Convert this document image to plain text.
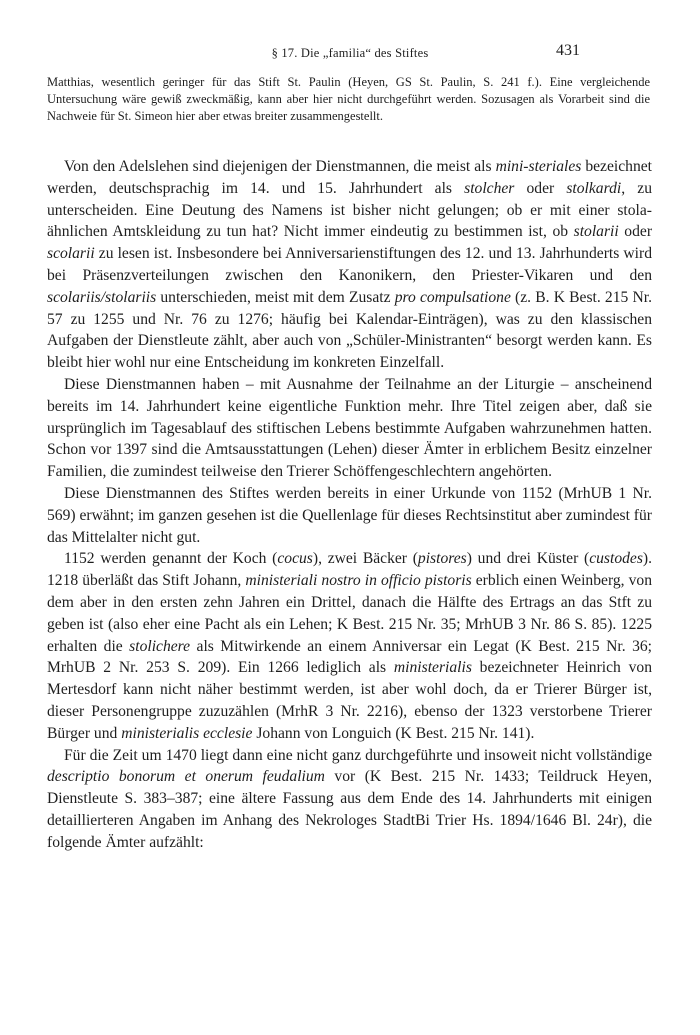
§ 17. Die „familia“ des Stiftes	431
Matthias, wesentlich geringer für das Stift St. Paulin (Heyen, GS St. Paulin, S. 241 f.). Eine vergleichende Untersuchung wäre gewiß zweckmäßig, kann aber hier nicht durchgeführt werden. Sozusagen als Vorarbeit sind die Nachweie für St. Simeon hier aber etwas breiter zusammengestellt.

Von den Adelslehen sind diejenigen der Dienstmannen, die meist als mini-steriales bezeichnet werden, deutschsprachig im 14. und 15. Jahrhundert als stolcher oder stolkardi, zu unterscheiden. Eine Deutung des Namens ist bisher nicht gelungen; ob er mit einer stola-ähnlichen Amtskleidung zu tun hat? Nicht immer eindeutig zu bestimmen ist, ob stolarii oder scolarii zu lesen ist. Insbesondere bei Anniversarienstiftungen des 12. und 13. Jahrhunderts wird bei Präsenzverteilungen zwischen den Kanonikern, den Priester-Vikaren und den scolariis/stolariis unterschieden, meist mit dem Zusatz pro compulsatione (z. B. K Best. 215 Nr. 57 zu 1255 und Nr. 76 zu 1276; häufig bei Kalendar-Einträgen), was zu den klassischen Aufgaben der Dienstleute zählt, aber auch von „Schüler-Ministranten“ besorgt werden kann. Es bleibt hier wohl nur eine Entscheidung im konkreten Einzelfall.

Diese Dienstmannen haben – mit Ausnahme der Teilnahme an der Liturgie – anscheinend bereits im 14. Jahrhundert keine eigentliche Funktion mehr. Ihre Titel zeigen aber, daß sie ursprünglich im Tagesablauf des stiftischen Lebens bestimmte Aufgaben wahrzunehmen hatten. Schon vor 1397 sind die Amtsausstattungen (Lehen) dieser Ämter in erblichem Besitz einzelner Familien, die zumindest teilweise den Trierer Schöffengeschlechtern angehörten.

Diese Dienstmannen des Stiftes werden bereits in einer Urkunde von 1152 (MrhUB 1 Nr. 569) erwähnt; im ganzen gesehen ist die Quellenlage für dieses Rechtsinstitut aber zumindest für das Mittelalter nicht gut.

1152 werden genannt der Koch (cocus), zwei Bäcker (pistores) und drei Küster (custodes). 1218 überläßt das Stift Johann, ministeriali nostro in officio pistoris erblich einen Weinberg, von dem aber in den ersten zehn Jahren ein Drittel, danach die Hälfte des Ertrags an das Stft zu geben ist (also eher eine Pacht als ein Lehen; K Best. 215 Nr. 35; MrhUB 3 Nr. 86 S. 85). 1225 erhalten die stolichere als Mitwirkende an einem Anniversar ein Legat (K Best. 215 Nr. 36; MrhUB 2 Nr. 253 S. 209). Ein 1266 lediglich als ministerialis bezeichneter Heinrich von Mertesdorf kann nicht näher bestimmt werden, ist aber wohl doch, da er Trierer Bürger ist, dieser Personengruppe zuzuzählen (MrhR 3 Nr. 2216), ebenso der 1323 verstorbene Trierer Bürger und ministerialis ecclesie Johann von Longuich (K Best. 215 Nr. 141).

Für die Zeit um 1470 liegt dann eine nicht ganz durchgeführte und insoweit nicht vollständige descriptio bonorum et onerum feudalium vor (K Best. 215 Nr. 1433; Teildruck Heyen, Dienstleute S. 383–387; eine ältere Fassung aus dem Ende des 14. Jahrhunderts mit einigen detaillierteren Angaben im Anhang des Nekrologes StadtBi Trier Hs. 1894/1646 Bl. 24r), die folgende Ämter aufzählt:
